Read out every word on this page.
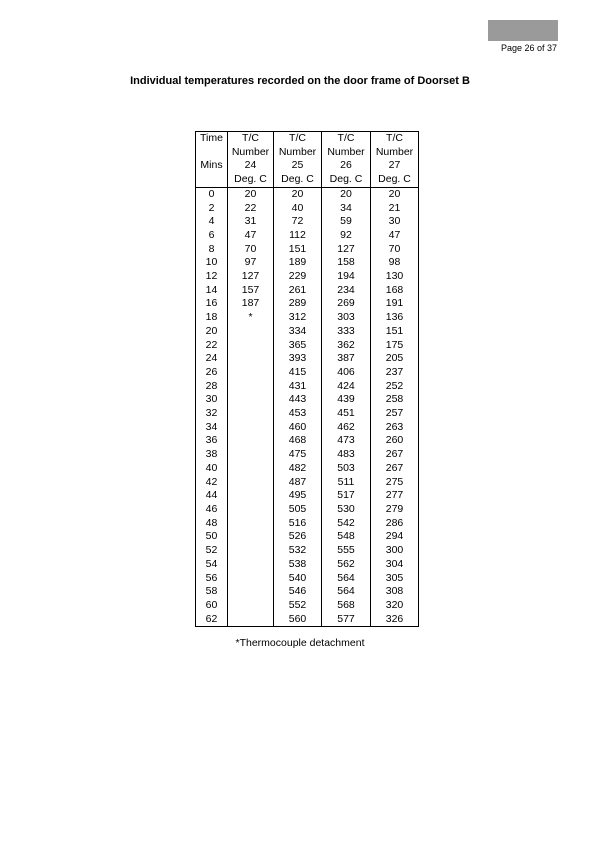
Page 26 of 37
Individual temperatures recorded on the door frame of Doorset B
Time	T/C	T/C	T/C	T/C
	Number	Number	Number	Number
Mins	24	25	26	27
	Deg. C	Deg. C	Deg. C	Deg. C
0	20	20	20	20
2	22	40	34	21
4	31	72	59	30
6	47	112	92	47
8	70	151	127	70
10	97	189	158	98
12	127	229	194	130
14	157	261	234	168
16	187	289	269	191
18	*	312	303	136
20		334	333	151
22		365	362	175
24		393	387	205
26		415	406	237
28		431	424	252
30		443	439	258
32		453	451	257
34		460	462	263
36		468	473	260
38		475	483	267
40		482	503	267
42		487	511	275
44		495	517	277
46		505	530	279
48		516	542	286
50		526	548	294
52		532	555	300
54		538	562	304
56		540	564	305
58		546	564	308
60		552	568	320
62		560	577	326
*Thermocouple detachment
